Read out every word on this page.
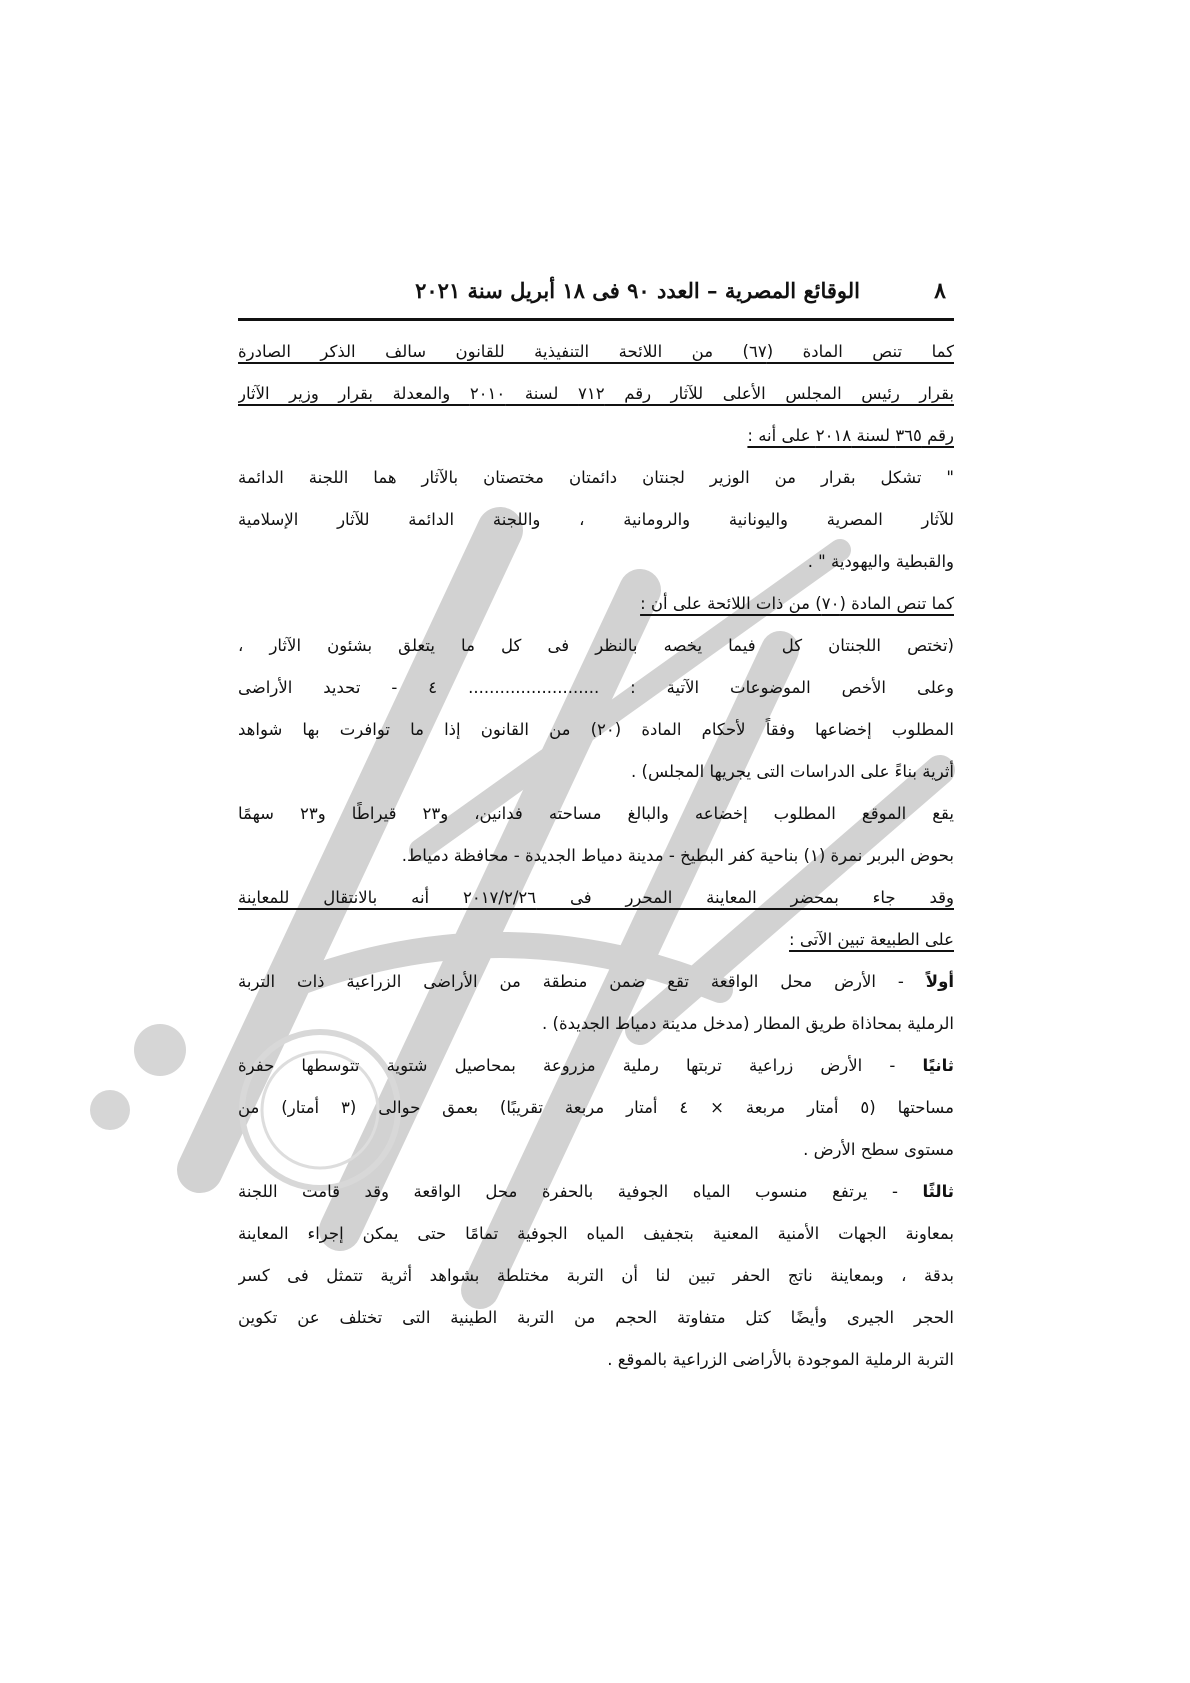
٨
الوقائع المصرية – العدد ٩٠ فى ١٨ أبريل سنة ٢٠٢١
كما تنص المادة (٦٧) من اللائحة التنفيذية للقانون سالف الذكر الصادرة
بقرار رئيس المجلس الأعلى للآثار رقم ٧١٢ لسنة ٢٠١٠ والمعدلة بقرار وزير الآثار
رقم ٣٦٥ لسنة ٢٠١٨ على أنه :
" تشكل بقرار من الوزير لجنتان دائمتان مختصتان بالآثار هما اللجنة الدائمة
للآثار المصرية واليونانية والرومانية ، واللجنة الدائمة للآثار الإسلامية
والقبطية واليهودية " .
كما تنص المادة (٧٠) من ذات اللائحة على أن :
(تختص اللجنتان كل فيما يخصه بالنظر فى كل ما يتعلق بشئون الآثار ،
وعلى الأخص الموضوعات الآتية : ......................... ٤ - تحديد الأراضى
المطلوب إخضاعها وفقاً لأحكام المادة (٢٠) من القانون إذا ما توافرت بها شواهد
أثرية بناءً على الدراسات التى يجريها المجلس) .
يقع الموقع المطلوب إخضاعه والبالغ مساحته فدانين، و٢٣ قيراطًا و٢٣ سهمًا
بحوض البربر نمرة (١) بناحية كفر البطيخ - مدينة دمياط الجديدة - محافظة دمياط.
وقد جاء بمحضر المعاينة المحرر فى ٢٠١٧/٢/٢٦ أنه بالانتقال للمعاينة
على الطبيعة تبين الآتى :
أولاً - الأرض محل الواقعة تقع ضمن منطقة من الأراضى الزراعية ذات التربة
الرملية بمحاذاة طريق المطار (مدخل مدينة دمياط الجديدة) .
ثانيًا - الأرض زراعية تربتها رملية مزروعة بمحاصيل شتوية تتوسطها حفرة
مساحتها (٥ أمتار مربعة × ٤ أمتار مربعة تقريبًا) بعمق حوالى (٣ أمتار) من
مستوى سطح الأرض .
ثالثًا - يرتفع منسوب المياه الجوفية بالحفرة محل الواقعة وقد قامت اللجنة
بمعاونة الجهات الأمنية المعنية بتجفيف المياه الجوفية تمامًا حتى يمكن إجراء المعاينة
بدقة ، وبمعاينة ناتج الحفر تبين لنا أن التربة مختلطة بشواهد أثرية تتمثل فى كسر
الحجر الجيرى وأيضًا كتل متفاوتة الحجم من التربة الطينية التى تختلف عن تكوين
التربة الرملية الموجودة بالأراضى الزراعية بالموقع .
